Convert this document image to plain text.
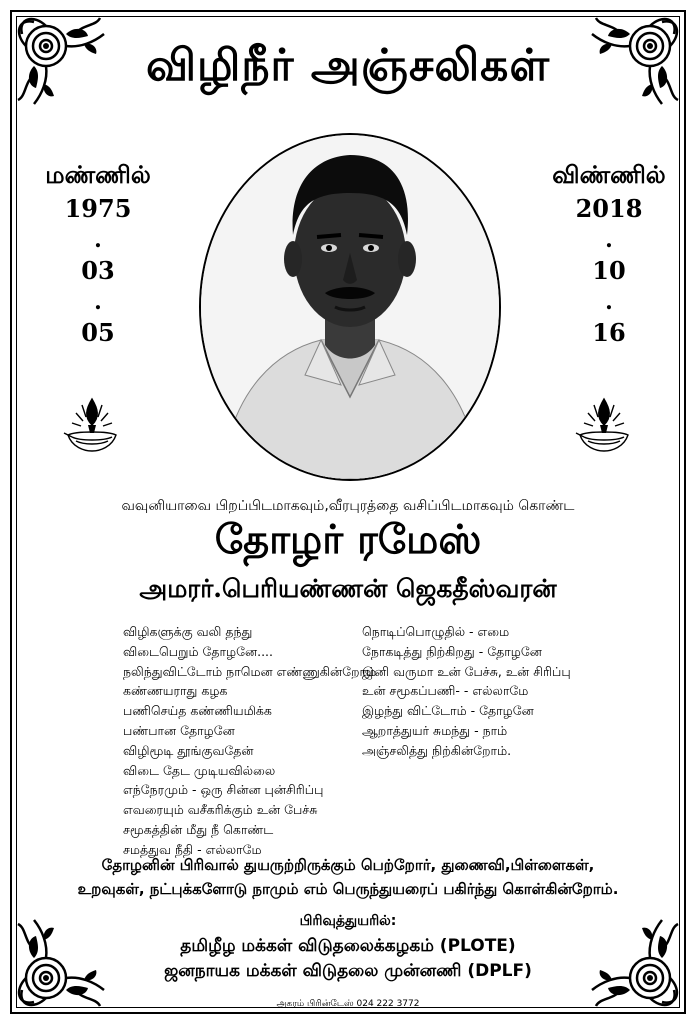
விழிநீர் அஞ்சலிகள்
மண்ணில்
1975
.
03
.
05
விண்ணில்
2018
.
10
.
16
வவுனியாவை பிறப்பிடமாகவும்,வீரபுரத்தை வசிப்பிடமாகவும் கொண்ட
தோழர் ரமேஸ்
அமரர்.பெரியண்ணன் ஜெகதீஸ்வரன்
விழிகளுக்கு வலி தந்து
விடைபெறும் தோழனே....
நலிந்துவிட்டோம் நாமென எண்ணுகின்றோம்
கண்ணயராது கழக
பணிசெய்த கண்ணியமிக்க
பண்பான தோழனே
விழிமூடி தூங்குவதேன்
விடை தேட முடியவில்லை
எந்நேரமும் - ஒரு சின்ன புன்சிரிப்பு
எவரையும் வசீகரிக்கும் உன் பேச்சு
சமூகத்தின் மீது நீ கொண்ட
சமத்துவ நீதி - எல்லாமே
நொடிப்பொழுதில் - எமை
நோகடித்து நிற்கிறது - தோழனே
இனி வருமா உன் பேச்சு, உன் சிரிப்பு
உன் சமூகப்பணி- - எல்லாமே
இழந்து விட்டோம் - தோழனே
ஆறாத்துயர் சுமந்து - நாம்
அஞ்சலித்து நிற்கின்றோம்.
தோழனின் பிரிவால் துயருற்றிருக்கும் பெற்றோர், துணைவி,பிள்ளைகள்,
உறவுகள், நட்புக்களோடு நாமும் எம் பெருந்துயரைப் பகிர்ந்து கொள்கின்றோம்.
பிரிவுத்துயரில்:
தமிழீழ மக்கள் விடுதலைக்கழகம் (PLOTE)
ஜனநாயக மக்கள் விடுதலை முன்னணி (DPLF)
அகரம் பிரின்டேஸ் 024 222 3772
